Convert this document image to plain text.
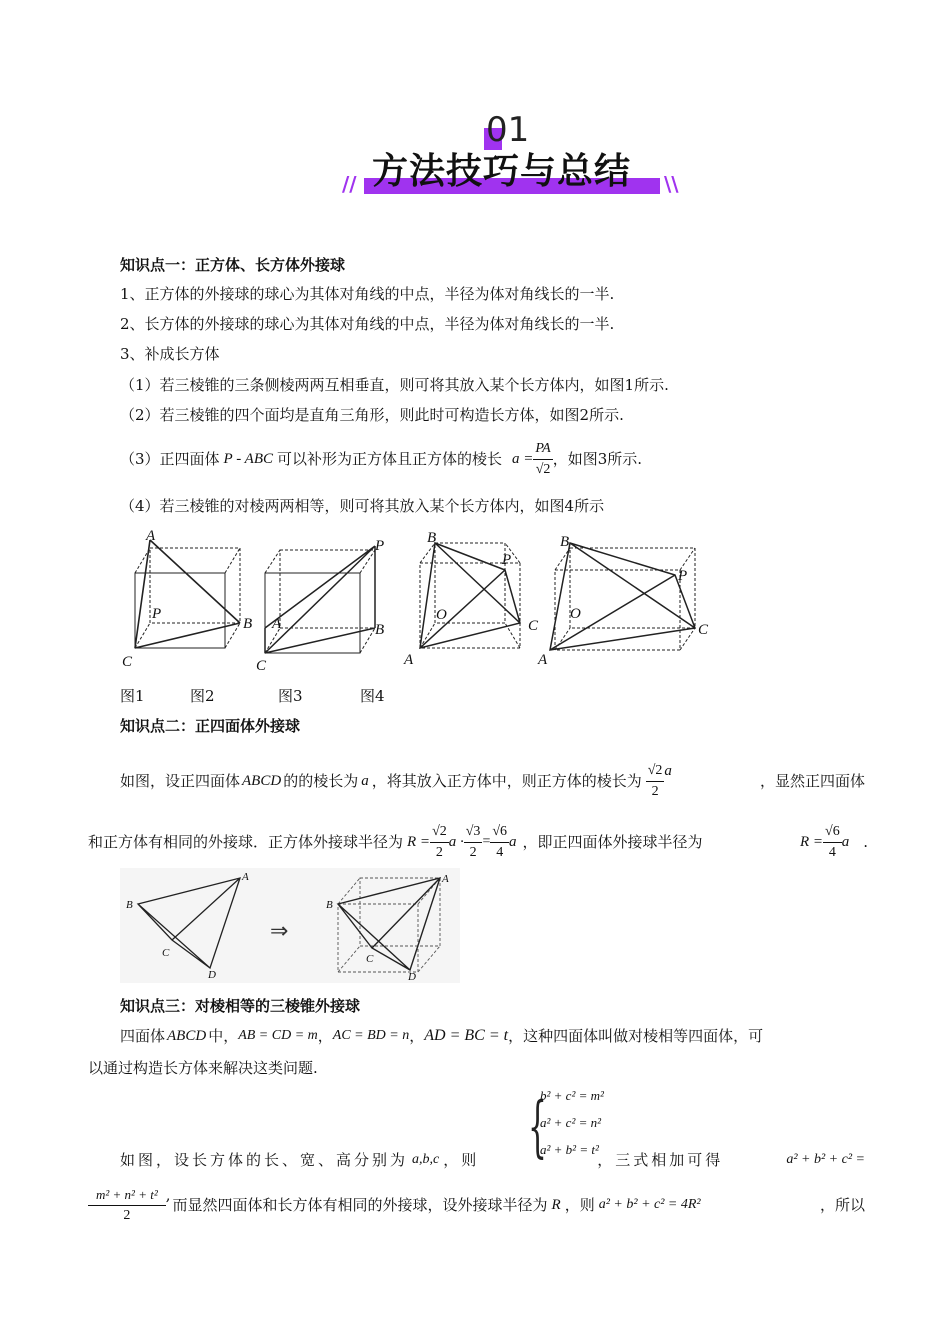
01
//	\\
方法技巧与总结
知识点一：正方体、长方体外接球
1、正方体的外接球的球心为其体对角线的中点，半径为体对角线长的一半.
2、长方体的外接球的球心为其体对角线的中点，半径为体对角线长的一半.
3、补成长方体
（1）若三棱锥的三条侧棱两两互相垂直，则可将其放入某个长方体内，如图1所示.
（2）若三棱锥的四个面均是直角三角形，则此时可构造长方体，如图2所示.
（3）正四面体 P - ABC 可以补形为正方体且正方体的棱长 $a = \frac{PA}{√2}$ ，如图3所示.
（4）若三棱锥的对棱两两相等，则可将其放入某个长方体内，如图4所示
A
P
B
C
P
A	B
C
B
P
O
C
A
B
P
O
C
A
图1	图2	图3	图4
知识点二：正四面体外接球
如图，设正四面体 ABCD 的的棱长为 a ，将其放入正方体中，则正方体的棱长为 $\frac{√2}{2}$ a
，显然正四面体
和正方体有相同的外接球．正方体外接球半径为 $R = \frac{√2}{2}$ $a \cdot \frac{√3}{2} = \frac{√6}{4}$ a ，即正四面体外接球半径为	$R = \frac{√6}{4}$ a .
B
A
C
D
⇒
B
A
C
D
知识点三：对棱相等的三棱锥外接球
四面体 ABCD 中， AB = CD = m ， AC = BD = n ， AD = BC = t ，这种四面体叫做对棱相等四面体，可
以通过构造长方体来解决这类问题.
{
b² + c² = m²
a² + c² = n²
a² + b² = t²
如图，设长方体的长、宽、高分别为 a,b,c ，则	，三式相加可得	a² + b² + c² =
$\frac{\text{m² + n² + t²}}{2}$ ,
而显然四面体和长方体有相同的外接球，设外接球半径为 R ，则 a² + b² + c² = 4R²	，所以
